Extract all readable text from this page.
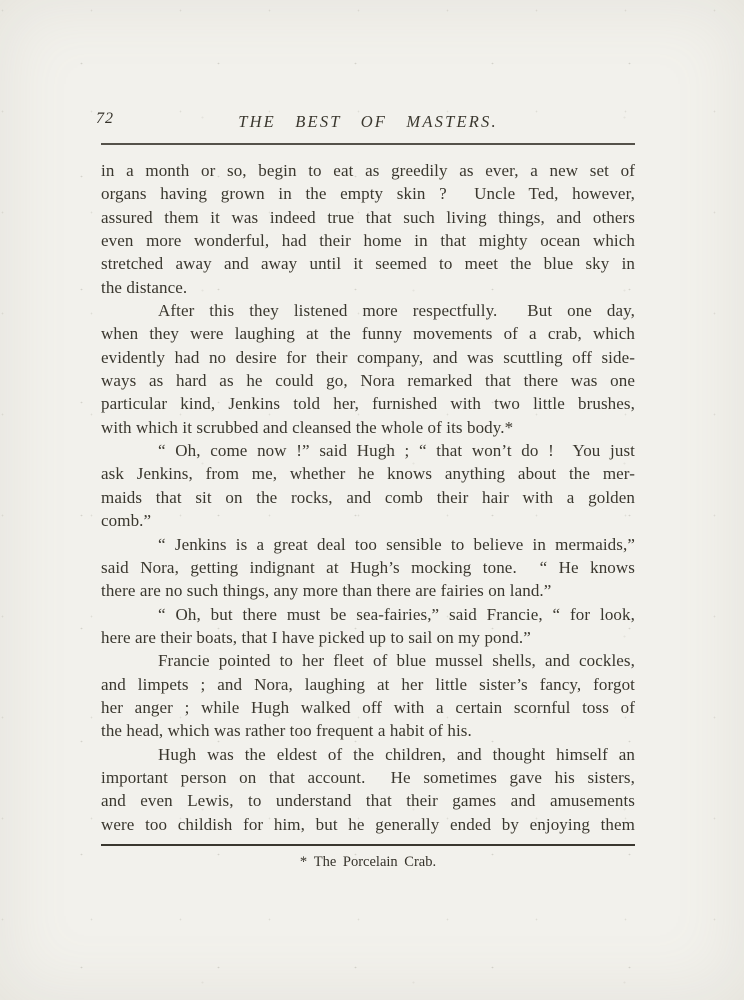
72	THE BEST OF MASTERS.
in a month or so, begin to eat as greedily as ever, a new set of
organs having grown in the empty skin ?  Uncle Ted, however,
assured them it was indeed true that such living things, and others
even more wonderful, had their home in that mighty ocean which
stretched away and away until it seemed to meet the blue sky in
the distance.
After this they listened more respectfully.  But one day,
when they were laughing at the funny movements of a crab, which
evidently had no desire for their company, and was scuttling off side-
ways as hard as he could go, Nora remarked that there was one
particular kind, Jenkins told her, furnished with two little brushes,
with which it scrubbed and cleansed the whole of its body.*
“ Oh, come now !” said Hugh ; “ that won’t do !  You just
ask Jenkins, from me, whether he knows anything about the mer-
maids that sit on the rocks, and comb their hair with a golden
comb.”
“ Jenkins is a great deal too sensible to believe in mermaids,”
said Nora, getting indignant at Hugh’s mocking tone.  “ He knows
there are no such things, any more than there are fairies on land.”
“ Oh, but there must be sea-fairies,” said Francie, “ for look,
here are their boats, that I have picked up to sail on my pond.”
Francie pointed to her fleet of blue mussel shells, and cockles,
and limpets ; and Nora, laughing at her little sister’s fancy, forgot
her anger ; while Hugh walked off with a certain scornful toss of
the head, which was rather too frequent a habit of his.
Hugh was the eldest of the children, and thought himself an
important person on that account.  He sometimes gave his sisters,
and even Lewis, to understand that their games and amusements
were too childish for him, but he generally ended by enjoying them
* The Porcelain Crab.
